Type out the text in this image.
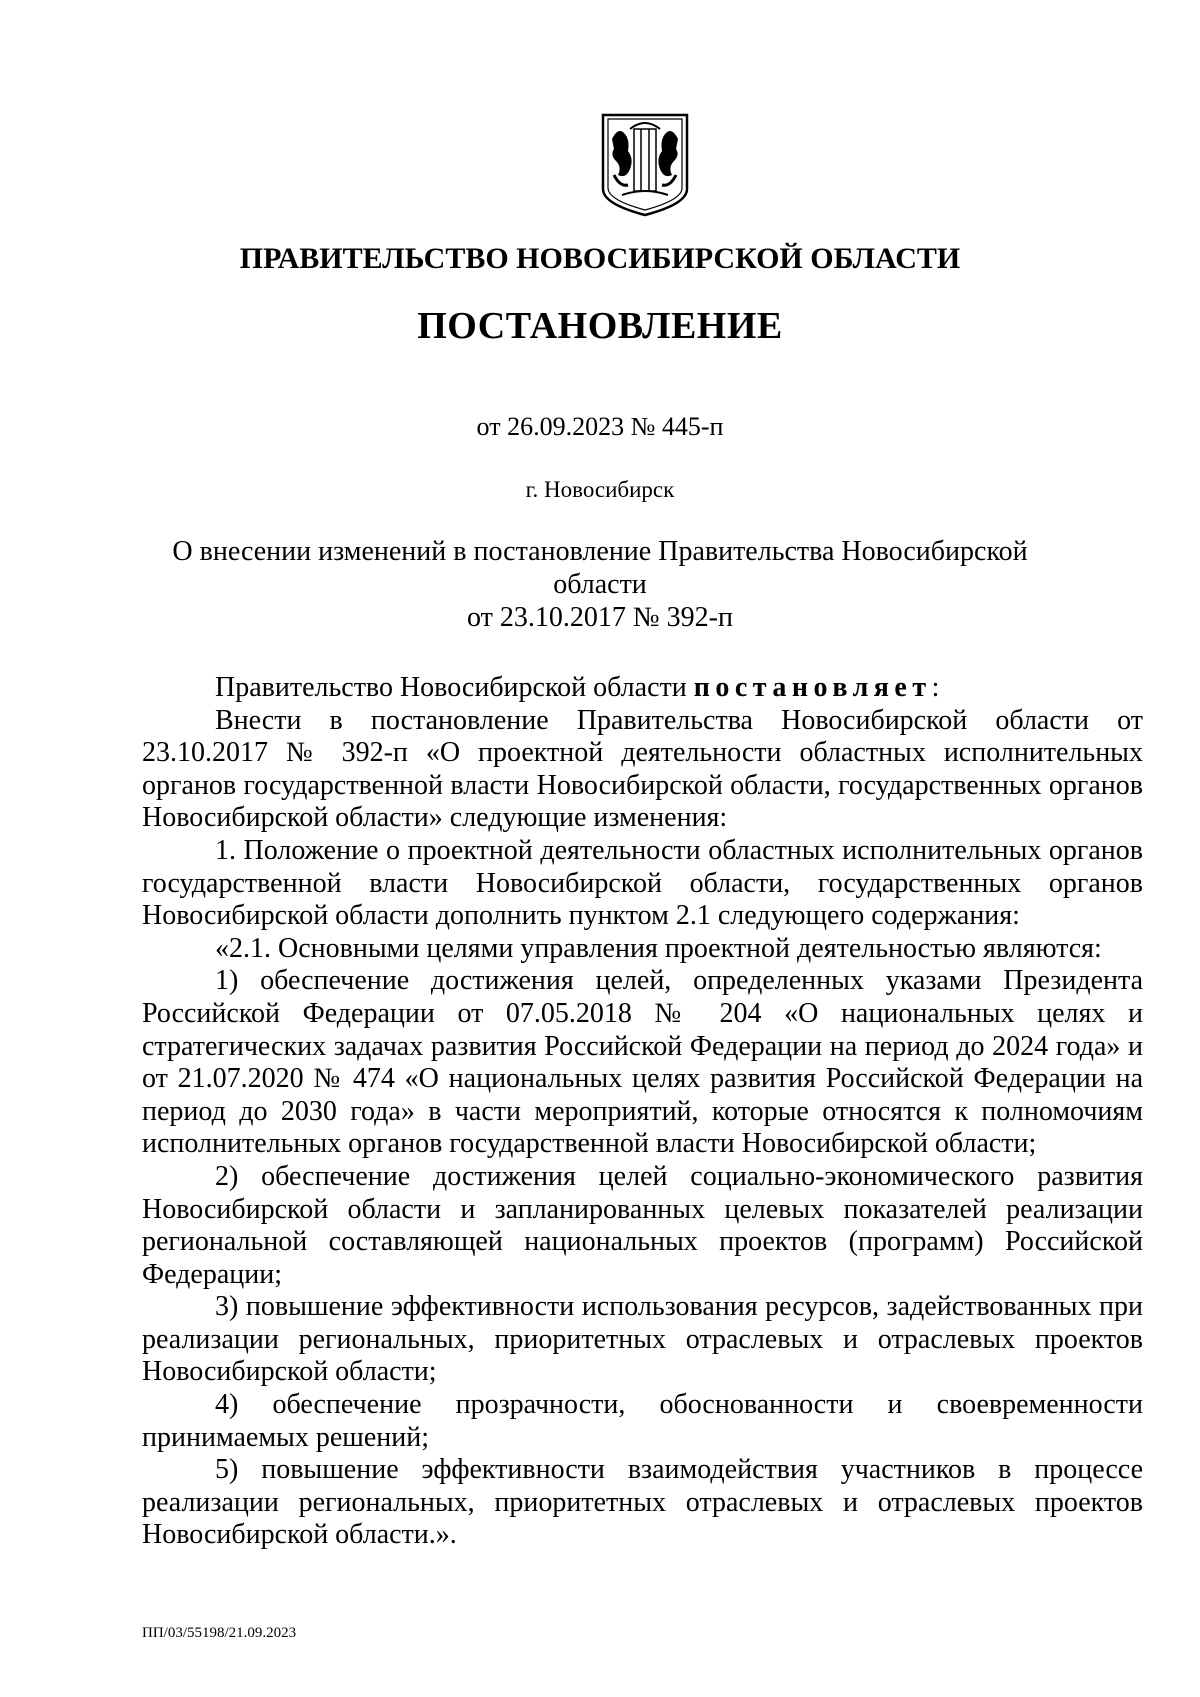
ПРАВИТЕЛЬСТВО НОВОСИБИРСКОЙ ОБЛАСТИ
ПОСТАНОВЛЕНИЕ
от 26.09.2023 № 445-п
г. Новосибирск
О внесении изменений в постановление Правительства Новосибирской области
от 23.10.2017 № 392-п

Правительство Новосибирской области постановляет:

Внести в постановление Правительства Новосибирской области от 23.10.2017 № 392-п «О проектной деятельности областных исполнительных органов государственной власти Новосибирской области, государственных органов Новосибирской области» следующие изменения:

1. Положение о проектной деятельности областных исполнительных органов государственной власти Новосибирской области, государственных органов Новосибирской области дополнить пунктом 2.1 следующего содержания:

«2.1. Основными целями управления проектной деятельностью являются:

1) обеспечение достижения целей, определенных указами Президента Российской Федерации от 07.05.2018 № 204 «О национальных целях и стратегических задачах развития Российской Федерации на период до 2024 года» и от 21.07.2020 № 474 «О национальных целях развития Российской Федерации на период до 2030 года» в части мероприятий, которые относятся к полномочиям исполнительных органов государственной власти Новосибирской области;

2) обеспечение достижения целей социально-экономического развития Новосибирской области и запланированных целевых показателей реализации региональной составляющей национальных проектов (программ) Российской Федерации;

3) повышение эффективности использования ресурсов, задействованных при реализации региональных, приоритетных отраслевых и отраслевых проектов Новосибирской области;

4) обеспечение прозрачности, обоснованности и своевременности принимаемых решений;

5) повышение эффективности взаимодействия участников в процессе реализации региональных, приоритетных отраслевых и отраслевых проектов Новосибирской области.».

ПП/03/55198/21.09.2023
